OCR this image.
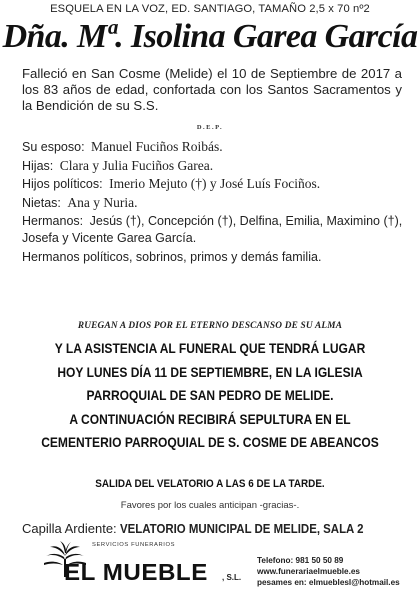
ESQUELA EN LA VOZ, ED. SANTIAGO, TAMAÑO 2,5 x 70 nº2
Dña. Mª. Isolina Garea García
Falleció en San Cosme (Melide) el 10 de Septiembre de 2017 a los 83 años de edad, confortada con los Santos Sacramentos y la Bendición de su S.S.
D.E.P.
Su esposo: Manuel Fuciños Roibás.
Hijas: Clara y Julia Fuciños Garea.
Hijos políticos: Imerio Mejuto (†) y José Luís Fociños.
Nietas: Ana y Nuria.
Hermanos: Jesús (†), Concepción (†), Delfina, Emilia, Maximino (†), Josefa y Vicente Garea García.
Hermanos políticos, sobrinos, primos y demás familia.
RUEGAN A DIOS POR EL ETERNO DESCANSO DE SU ALMA
Y LA ASISTENCIA AL FUNERAL QUE TENDRÁ LUGAR
HOY LUNES DÍA 11 DE SEPTIEMBRE, EN LA IGLESIA
PARROQUIAL DE SAN PEDRO DE MELIDE.
A CONTINUACIÓN RECIBIRÁ SEPULTURA EN EL
CEMENTERIO PARROQUIAL DE S. COSME DE ABEANCOS
SALIDA DEL VELATORIO A LAS 6 DE LA TARDE.
Favores por los cuales anticipan -gracias-.
Capilla Ardiente: VELATORIO MUNICIPAL DE MELIDE, SALA 2
SERVICIOS FUNERARIOS
EL MUEBLE , S.L.
Telefono: 981 50 50 89
www.funerariaelmueble.es
pesames en: elmueblesl@hotmail.es
